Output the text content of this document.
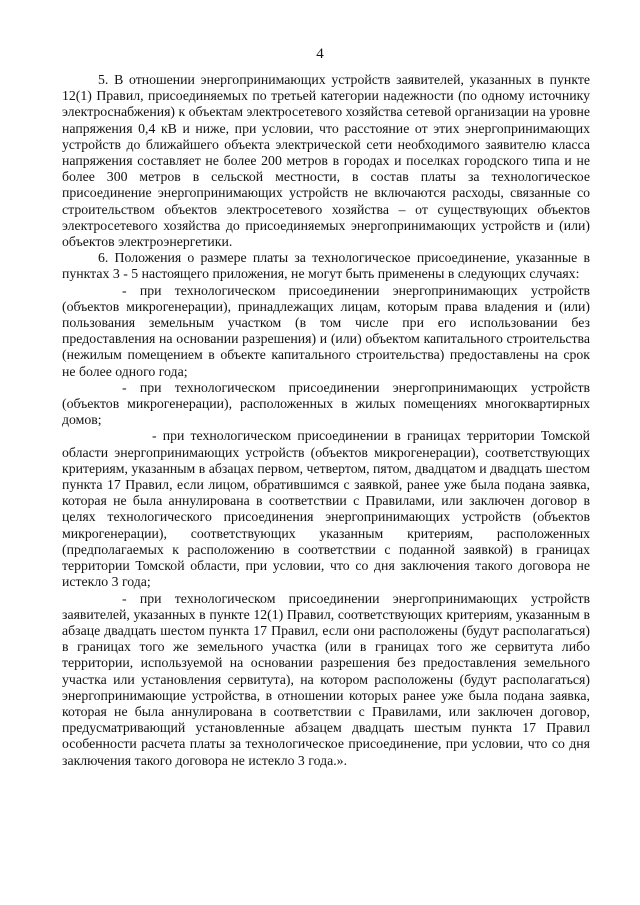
4

5. В отношении энергопринимающих устройств заявителей, указанных в пункте 12(1) Правил, присоединяемых по третьей категории надежности (по одному источнику электроснабжения) к объектам электросетевого хозяйства сетевой организации на уровне напряжения 0,4 кВ и ниже, при условии, что расстояние от этих энергопринимающих устройств до ближайшего объекта электрической сети необходимого заявителю класса напряжения составляет не более 200 метров в городах и поселках городского типа и не более 300 метров в сельской местности, в состав платы за технологическое присоединение энергопринимающих устройств не включаются расходы, связанные со строительством объектов электросетевого хозяйства – от существующих объектов электросетевого хозяйства до присоединяемых энергопринимающих устройств и (или) объектов электроэнергетики.

6. Положения о размере платы за технологическое присоединение, указанные в пунктах 3 - 5 настоящего приложения, не могут быть применены в следующих случаях:

- при технологическом присоединении энергопринимающих устройств (объектов микрогенерации), принадлежащих лицам, которым права владения и (или) пользования земельным участком (в том числе при его использовании без предоставления на основании разрешения) и (или) объектом капитального строительства (нежилым помещением в объекте капитального строительства) предоставлены на срок не более одного года;

- при технологическом присоединении энергопринимающих устройств (объектов микрогенерации), расположенных в жилых помещениях многоквартирных домов;

- при технологическом присоединении в границах территории Томской области энергопринимающих устройств (объектов микрогенерации), соответствующих критериям, указанным в абзацах первом, четвертом, пятом, двадцатом и двадцать шестом пункта 17 Правил, если лицом, обратившимся с заявкой, ранее уже была подана заявка, которая не была аннулирована в соответствии с Правилами, или заключен договор в целях технологического присоединения энергопринимающих устройств (объектов микрогенерации), соответствующих указанным критериям, расположенных (предполагаемых к расположению в соответствии с поданной заявкой) в границах территории Томской области, при условии, что со дня заключения такого договора не истекло 3 года;

- при технологическом присоединении энергопринимающих устройств заявителей, указанных в пункте 12(1) Правил, соответствующих критериям, указанным в абзаце двадцать шестом пункта 17 Правил, если они расположены (будут располагаться) в границах того же земельного участка (или в границах того же сервитута либо территории, используемой на основании разрешения без предоставления земельного участка или установления сервитута), на котором расположены (будут располагаться) энергопринимающие устройства, в отношении которых ранее уже была подана заявка, которая не была аннулирована в соответствии с Правилами, или заключен договор, предусматривающий установленные абзацем двадцать шестым пункта 17 Правил особенности расчета платы за технологическое присоединение, при условии, что со дня заключения такого договора не истекло 3 года.».
